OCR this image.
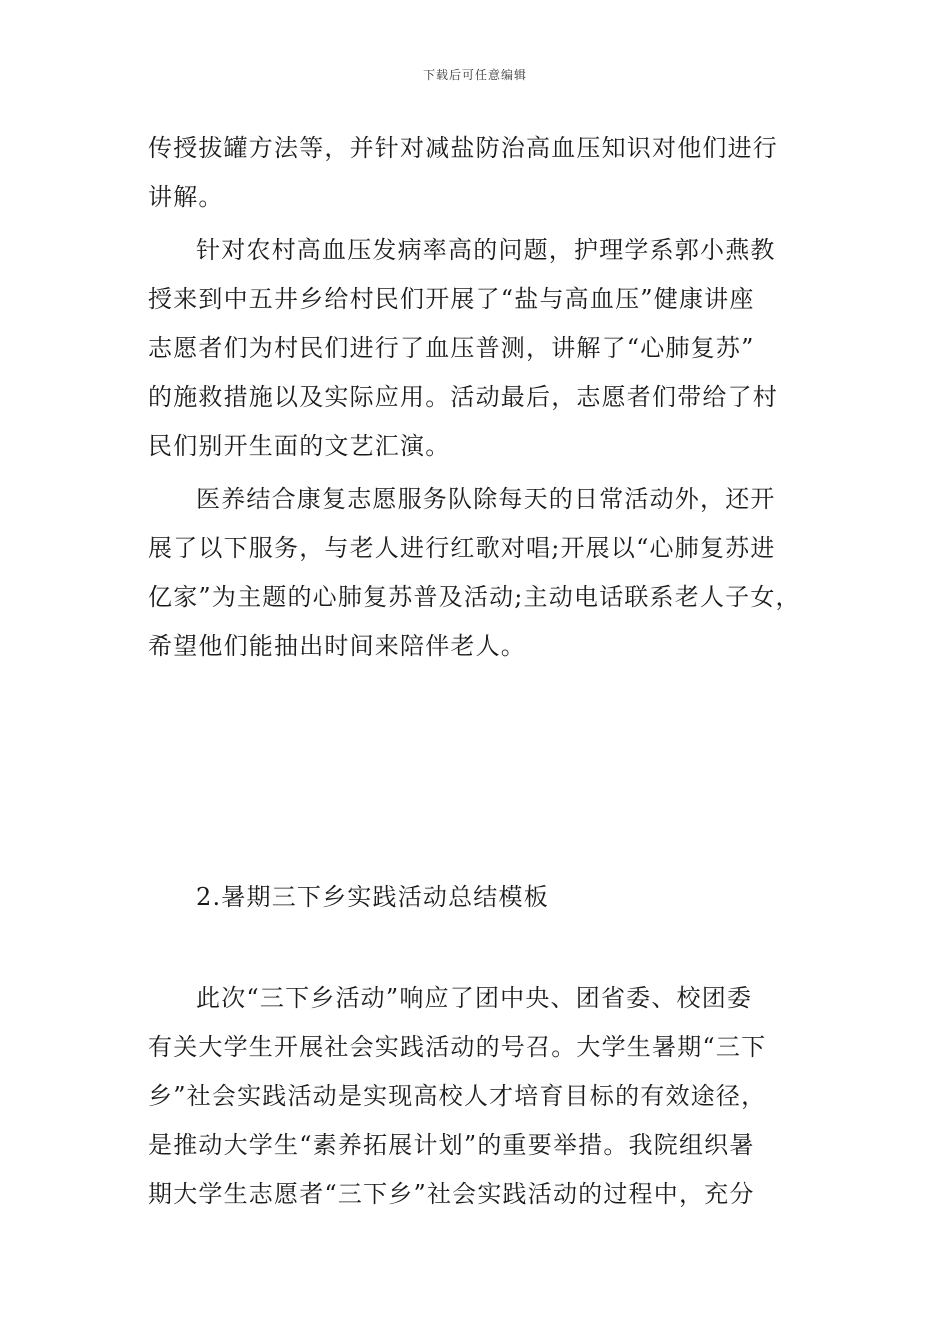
下载后可任意编辑
传授拔罐方法等，并针对减盐防治高血压知识对他们进行
讲解。
针对农村高血压发病率高的问题，护理学系郭小燕教
授来到中五井乡给村民们开展了“盐与高血压”健康讲座
志愿者们为村民们进行了血压普测，讲解了“心肺复苏”
的施救措施以及实际应用。活动最后，志愿者们带给了村
民们别开生面的文艺汇演。
医养结合康复志愿服务队除每天的日常活动外，还开
展了以下服务，与老人进行红歌对唱;开展以“心肺复苏进
亿家”为主题的心肺复苏普及活动;主动电话联系老人子女，
希望他们能抽出时间来陪伴老人。
2.暑期三下乡实践活动总结模板
此次“三下乡活动”响应了团中央、团省委、校团委
有关大学生开展社会实践活动的号召。大学生暑期“三下
乡”社会实践活动是实现高校人才培育目标的有效途径，
是推动大学生“素养拓展计划”的重要举措。我院组织暑
期大学生志愿者“三下乡”社会实践活动的过程中，充分
